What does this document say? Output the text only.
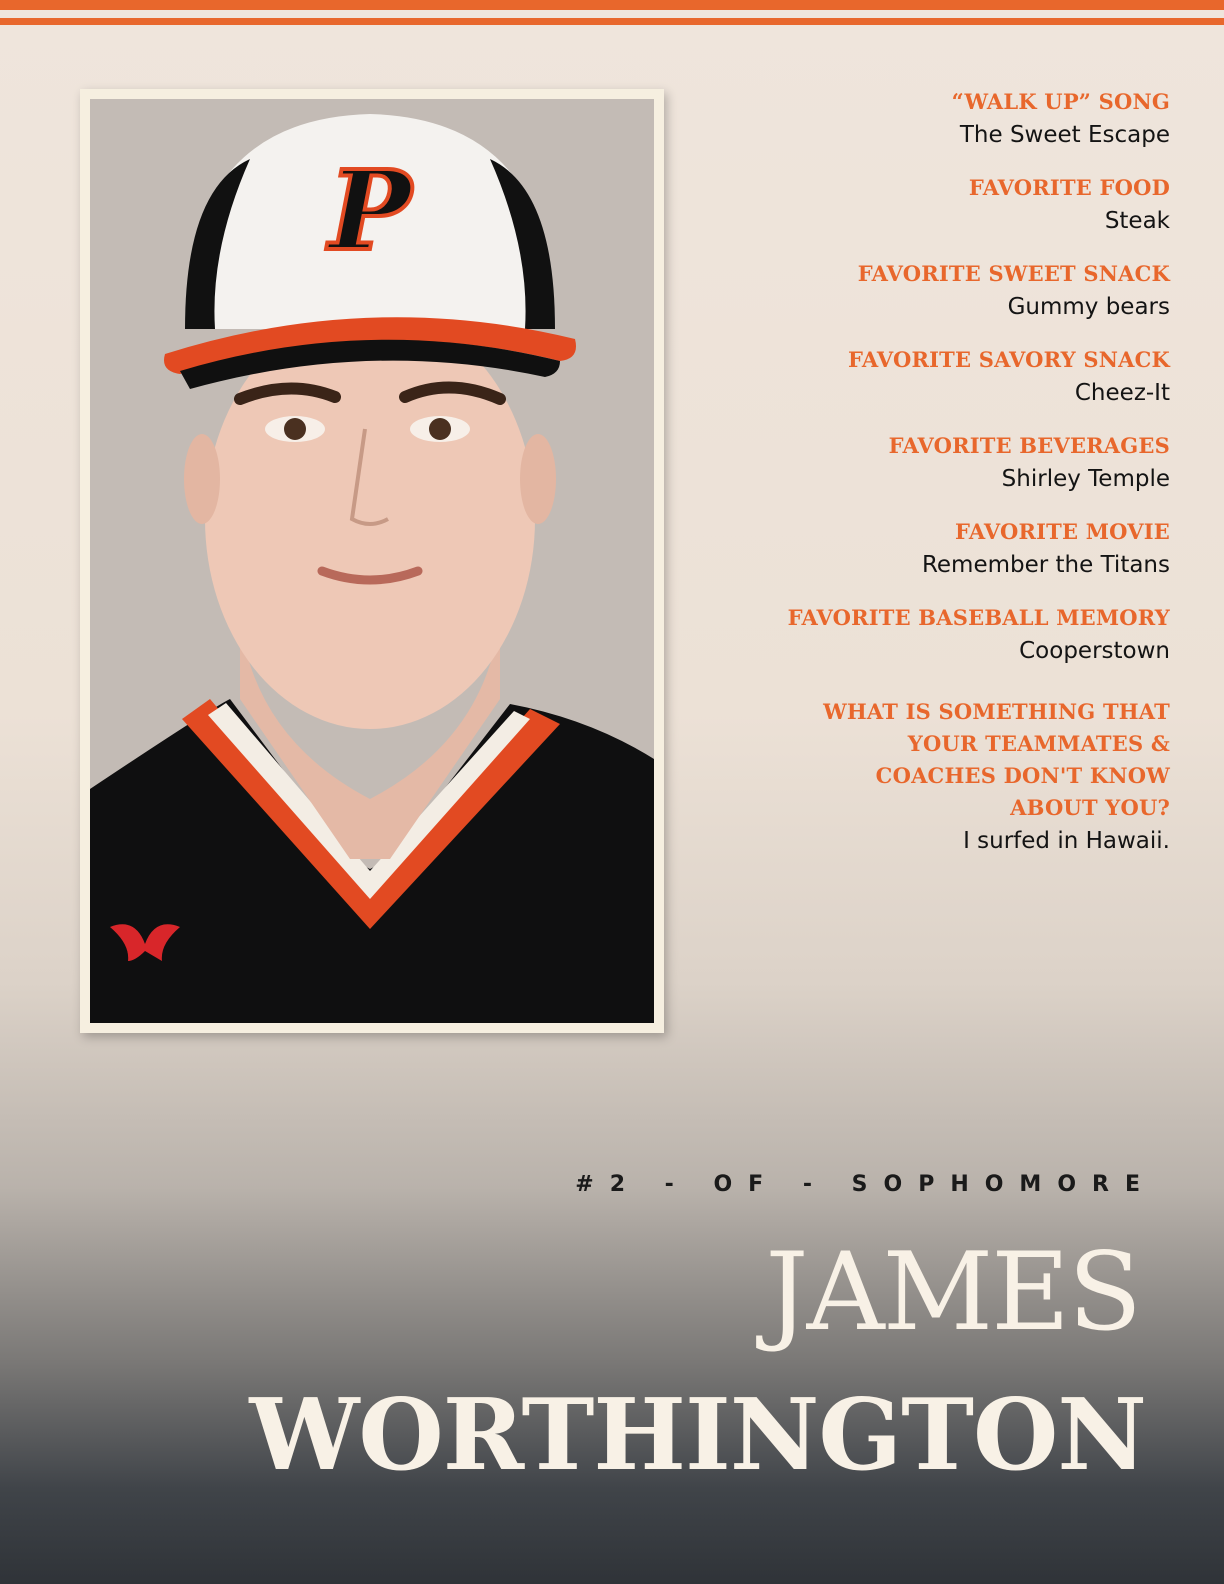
P
“WALK UP” SONG
The Sweet Escape
FAVORITE FOOD
Steak
FAVORITE SWEET SNACK
Gummy bears
FAVORITE SAVORY SNACK
Cheez-It
FAVORITE BEVERAGES
Shirley Temple
FAVORITE MOVIE
Remember the Titans
FAVORITE BASEBALL MEMORY
Cooperstown
WHAT IS SOMETHING THAT YOUR TEAMMATES & COACHES DON'T KNOW ABOUT YOU?
I surfed in Hawaii.
#2 - OF - SOPHOMORE
JAMES
WORTHINGTON
